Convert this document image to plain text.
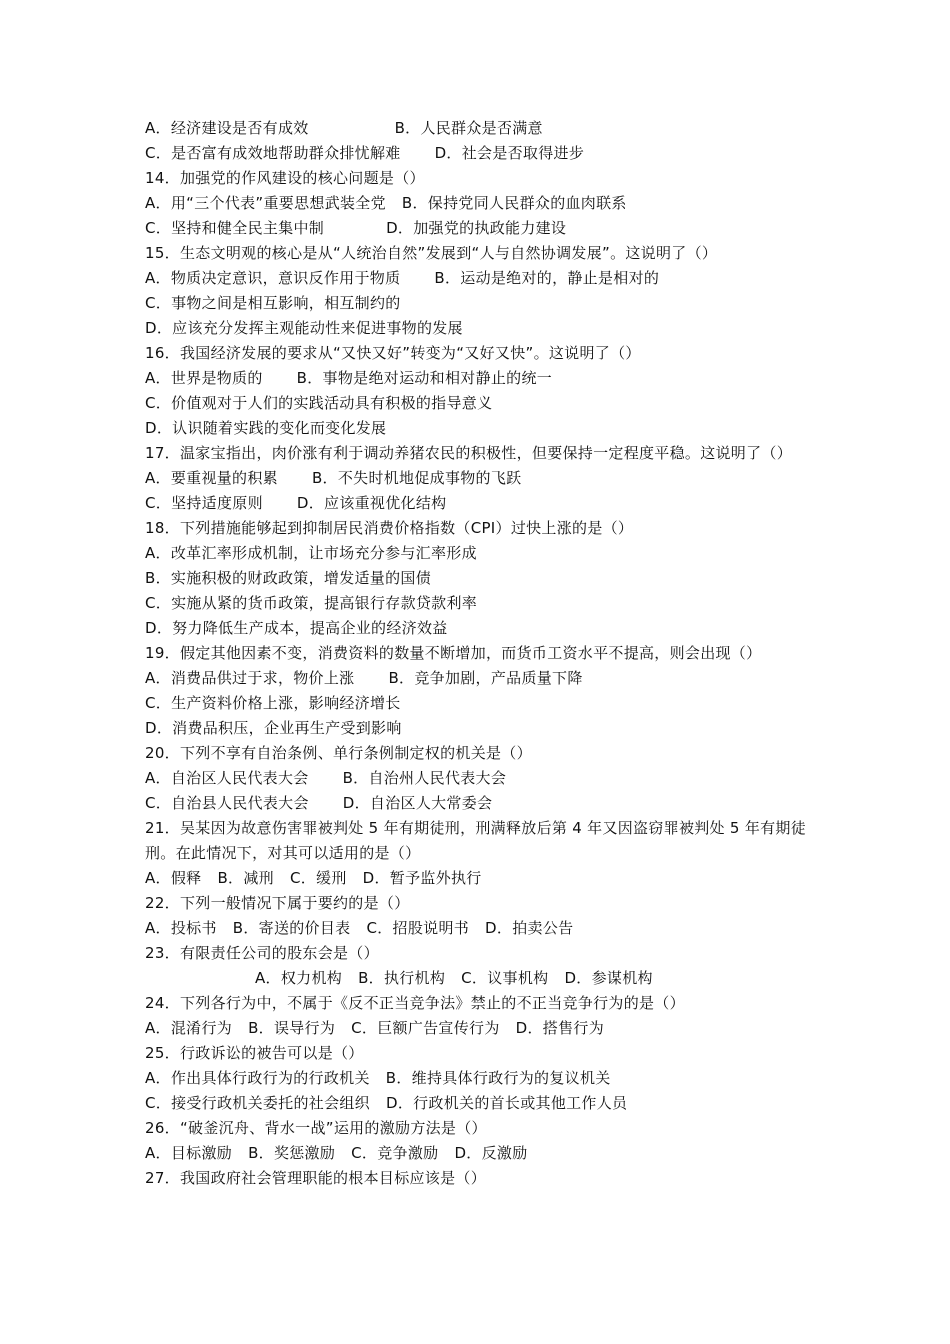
A．经济建设是否有成效	B．人民群众是否满意
C．是否富有成效地帮助群众排忧解难 D．社会是否取得进步
14．加强党的作风建设的核心问题是（）
A．用“三个代表”重要思想武装全党 B．保持党同人民群众的血肉联系
C．坚持和健全民主集中制	D．加强党的执政能力建设
15．生态文明观的核心是从“人统治自然”发展到“人与自然协调发展”。这说明了（）
A．物质决定意识，意识反作用于物质 B．运动是绝对的，静止是相对的
C．事物之间是相互影响，相互制约的
D．应该充分发挥主观能动性来促进事物的发展
16．我国经济发展的要求从“又快又好”转变为“又好又快”。这说明了（）
A．世界是物质的 B．事物是绝对运动和相对静止的统一
C．价值观对于人们的实践活动具有积极的指导意义
D．认识随着实践的变化而变化发展
17．温家宝指出，肉价涨有利于调动养猪农民的积极性，但要保持一定程度平稳。这说明了（）
A．要重视量的积累 B．不失时机地促成事物的飞跃
C．坚持适度原则 D．应该重视优化结构
18．下列措施能够起到抑制居民消费价格指数（CPI）过快上涨的是（）
A．改革汇率形成机制，让市场充分参与汇率形成
B．实施积极的财政政策，增发适量的国债
C．实施从紧的货币政策，提高银行存款贷款利率
D．努力降低生产成本，提高企业的经济效益
19．假定其他因素不变，消费资料的数量不断增加，而货币工资水平不提高，则会出现（）
A．消费品供过于求，物价上涨 B．竞争加剧，产品质量下降
C．生产资料价格上涨，影响经济增长
D．消费品积压，企业再生产受到影响
20．下列不享有自治条例、单行条例制定权的机关是（）
A．自治区人民代表大会 B．自治州人民代表大会
C．自治县人民代表大会 D．自治区人大常委会
21．吴某因为故意伤害罪被判处 5 年有期徒刑，刑满释放后第 4 年又因盗窃罪被判处 5 年有期徒刑。在此情况下，对其可以适用的是（）
A．假释 B．减刑 C．缓刑 D．暂予监外执行
22．下列一般情况下属于要约的是（）
A．投标书 B．寄送的价目表 C．招股说明书 D．拍卖公告
23．有限责任公司的股东会是（）
A．权力机构 B．执行机构 C．议事机构 D．参谋机构
24．下列各行为中，不属于《反不正当竞争法》禁止的不正当竞争行为的是（）
A．混淆行为 B．误导行为 C．巨额广告宣传行为 D．搭售行为
25．行政诉讼的被告可以是（）
A．作出具体行政行为的行政机关 B．维持具体行政行为的复议机关
C．接受行政机关委托的社会组织 D．行政机关的首长或其他工作人员
26．“破釜沉舟、背水一战”运用的激励方法是（）
A．目标激励 B．奖惩激励 C．竞争激励 D．反激励
27．我国政府社会管理职能的根本目标应该是（）
